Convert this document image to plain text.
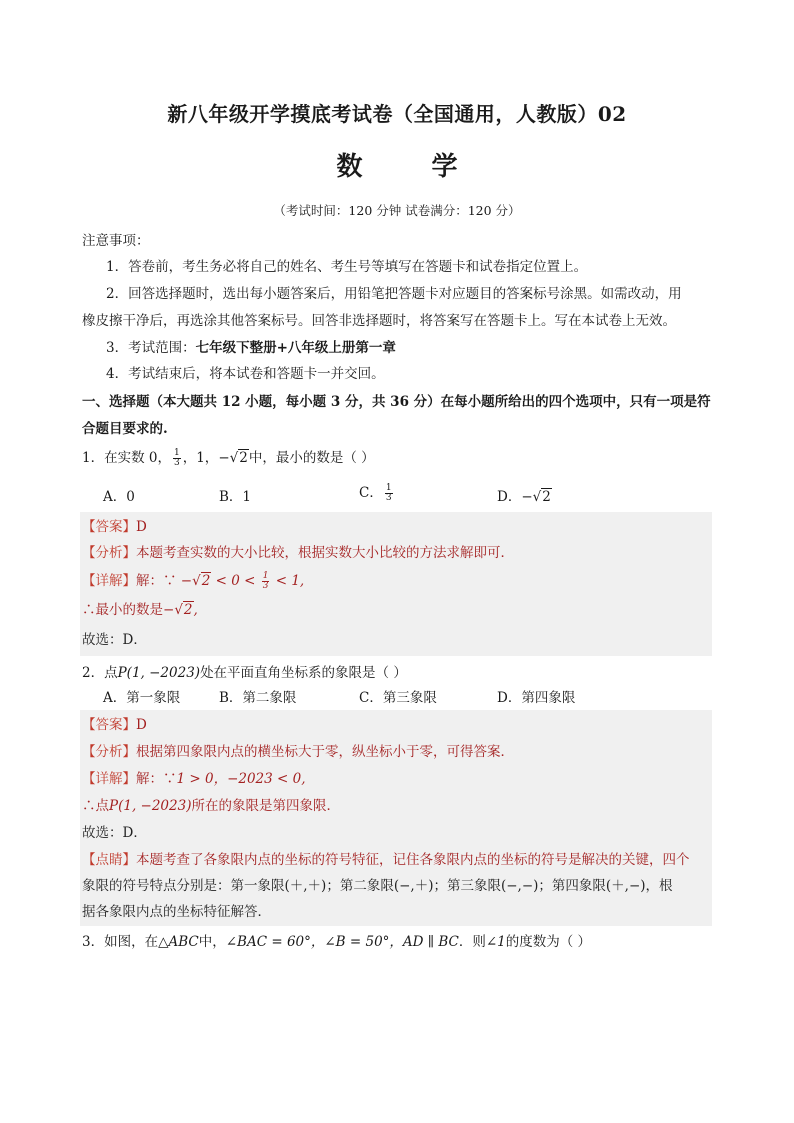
新八年级开学摸底考试卷（全国通用，人教版）02
数 学
（考试时间：120 分钟 试卷满分：120 分）
注意事项：
1．答卷前，考生务必将自己的姓名、考生号等填写在答题卡和试卷指定位置上。
2．回答选择题时，选出每小题答案后，用铅笔把答题卡对应题目的答案标号涂黑。如需改动，用
橡皮擦干净后，再选涂其他答案标号。回答非选择题时，将答案写在答题卡上。写在本试卷上无效。
3．考试范围：七年级下整册+八年级上册第一章
4．考试结束后，将本试卷和答题卡一并交回。
一、选择题（本大题共 12 小题，每小题 3 分，共 36 分）在每小题所给出的四个选项中，只有一项是符
合题目要求的.
1．在实数 0， $\frac{1}{3}$ ，1，−√2中，最小的数是（ ）
A．0	B．1	C． $\frac{1}{3}$	D．−√2
【答案】D
【分析】本题考查实数的大小比较，根据实数大小比较的方法求解即可．
【详解】解：∵ $-√2 < 0 < \frac{1}{3} < 1$,
∴最小的数是−√2,
故选：D．
2．点P(1, −2023)处在平面直角坐标系的象限是（ ）
A．第一象限	B．第二象限	C．第三象限	D．第四象限
【答案】D
【分析】根据第四象限内点的横坐标大于零，纵坐标小于零，可得答案．
【详解】解：∵1 > 0，−2023 < 0,
∴点P(1, −2023)所在的象限是第四象限．
故选：D．
【点睛】本题考查了各象限内点的坐标的符号特征，记住各象限内点的坐标的符号是解决的关键，四个
象限的符号特点分别是：第一象限(＋,＋)；第二象限(−,＋)；第三象限(−,−)；第四象限(＋,−)，根
据各象限内点的坐标特征解答．
3．如图，在△ABC中，∠BAC = 60°，∠B = 50°，AD ∥ BC．则∠1的度数为（ ）
